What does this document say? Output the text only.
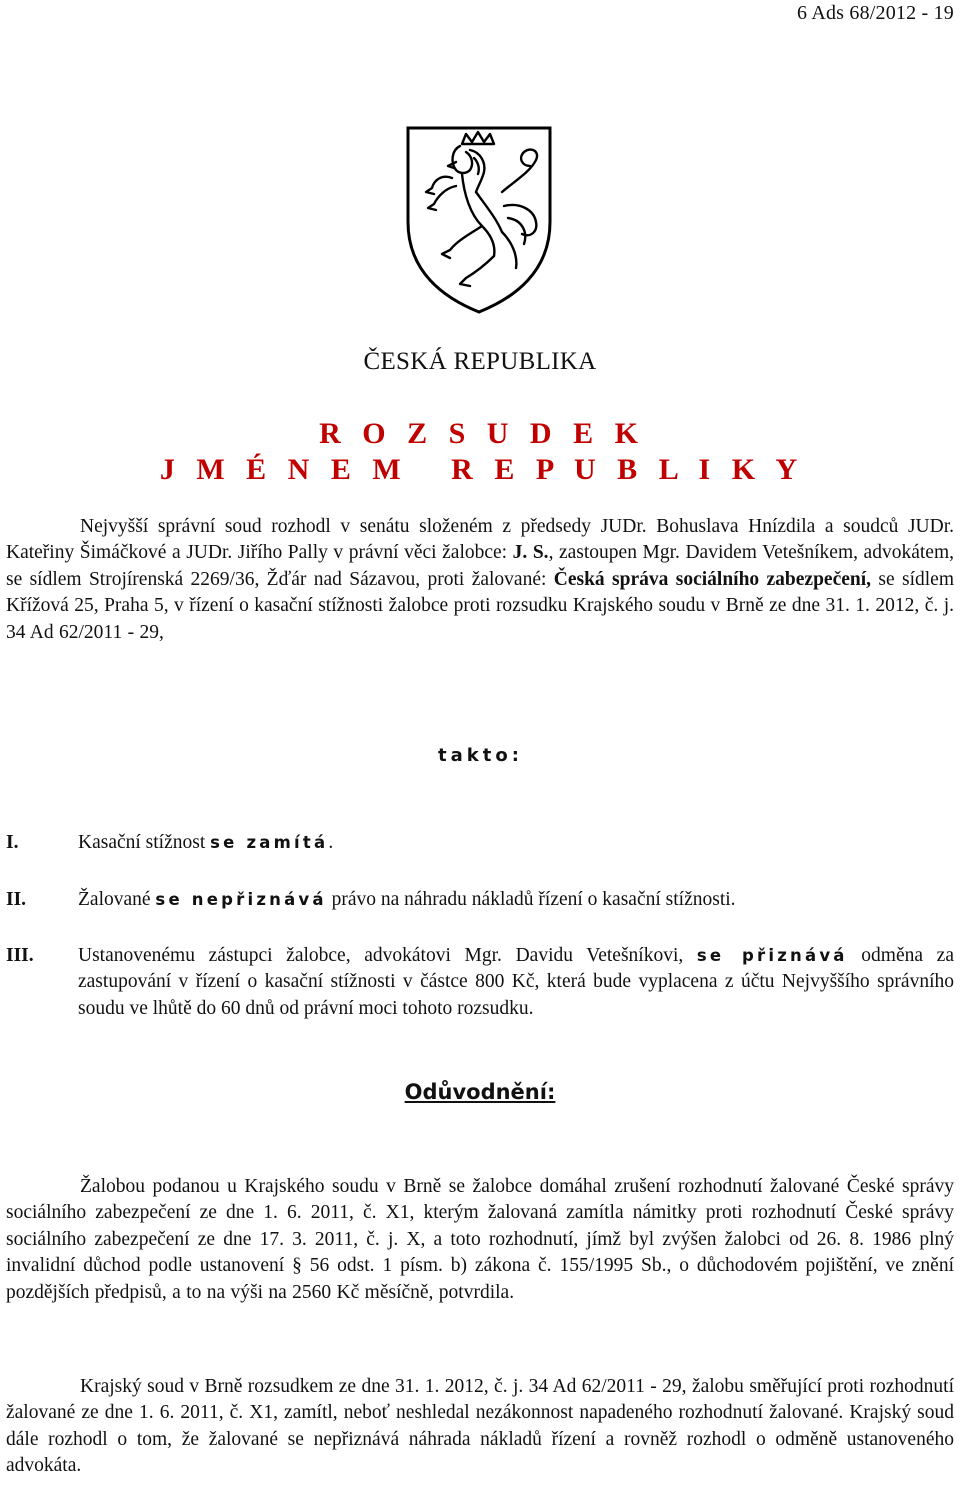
6 Ads 68/2012 - 19
ČESKÁ REPUBLIKA
R O Z S U D E K
J M É N E M   R E P U B L I K Y
Nejvyšší správní soud rozhodl v senátu složeném z předsedy JUDr. Bohuslava Hnízdila a soudců JUDr. Kateřiny Šimáčkové a JUDr. Jiřího Pally v právní věci žalobce: J. S., zastoupen Mgr. Davidem Vetešníkem, advokátem, se sídlem Strojírenská 2269/36, Žďár nad Sázavou, proti žalované: Česká správa sociálního zabezpečení, se sídlem Křížová 25, Praha 5, v řízení o kasační stížnosti žalobce proti rozsudku Krajského soudu v Brně ze dne 31. 1. 2012, č. j. 34 Ad 62/2011 - 29,
takto:
I.	Kasační stížnost se zamítá.
II.	Žalované se nepřiznává právo na náhradu nákladů řízení o kasační stížnosti.
III. Ustanovenému zástupci žalobce, advokátovi Mgr. Davidu Vetešníkovi, se přiznává odměna za zastupování v řízení o kasační stížnosti v částce 800 Kč, která bude vyplacena z účtu Nejvyššího správního soudu ve lhůtě do 60 dnů od právní moci tohoto rozsudku.
Odůvodnění:
Žalobou podanou u Krajského soudu v Brně se žalobce domáhal zrušení rozhodnutí žalované České správy sociálního zabezpečení ze dne 1. 6. 2011, č. X1, kterým žalovaná zamítla námitky proti rozhodnutí České správy sociálního zabezpečení ze dne 17. 3. 2011, č. j. X, a toto rozhodnutí, jímž byl zvýšen žalobci od 26. 8. 1986 plný invalidní důchod podle ustanovení § 56 odst. 1 písm. b) zákona č. 155/1995 Sb., o důchodovém pojištění, ve znění pozdějších předpisů, a to na výši na 2560 Kč měsíčně, potvrdila.
Krajský soud v Brně rozsudkem ze dne 31. 1. 2012, č. j. 34 Ad 62/2011 - 29, žalobu směřující proti rozhodnutí žalované ze dne 1. 6. 2011, č. X1, zamítl, neboť neshledal nezákonnost napadeného rozhodnutí žalované. Krajský soud dále rozhodl o tom, že žalované se nepřiznává náhrada nákladů řízení a rovněž rozhodl o odměně ustanoveného advokáta.
